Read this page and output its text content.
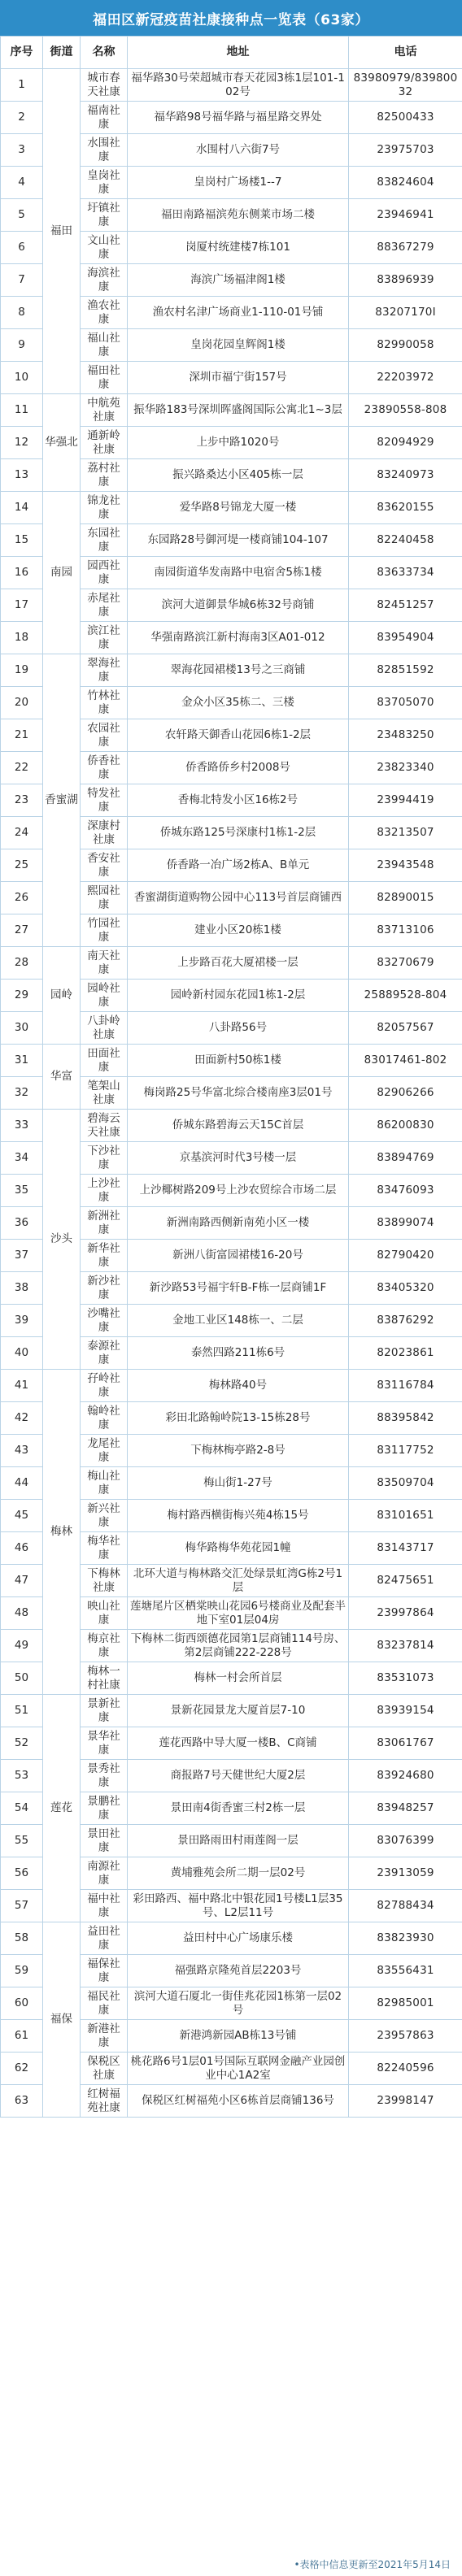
福田区新冠疫苗社康接种点一览表（63家）
序号	街道	名称	地址	电话
1	福田	城市春天社康	福华路30号荣超城市春天花园3栋1层101-102号	83980979/83980032
2		福南社康	福华路98号福华路与福星路交界处	82500433
3		水围社康	水围村八六街7号	23975703
4		皇岗社康	皇岗村广场楼1--7	83824604
5		圩镇社康	福田南路福滨苑东侧莱市场二楼	23946941
6		文山社康	岗厦村统建楼7栋101	88367279
7		海滨社康	海滨广场福津阁1楼	83896939
8		渔农社康	渔农村名津广场商业1-110-01号铺	83207170I
9		福山社康	皇岗花园皇辉阁1楼	82990058
10		福田社康	深圳市福宁街157号	22203972
11	华强北	中航苑社康	振华路183号深圳晖盛阁国际公寓北1~3层	23890558-808
12		通新岭社康	上步中路1020号	82094929
13		荔村社康	振兴路桑达小区405栋一层	83240973
14	南园	锦龙社康	爱华路8号锦龙大厦一楼	83620155
15		东园社康	东园路28号御河堤一楼商铺104-107	82240458
16		园西社康	南园街道华发南路中电宿舍5栋1楼	83633734
17		赤尾社康	滨河大道御景华城6栋32号商铺	82451257
18		滨江社康	华强南路滨江新村海南3区A01-012	83954904
19	香蜜湖	翠海社康	翠海花园裙楼13号之三商铺	82851592
20		竹林社康	金众小区35栋二、三楼	83705070
21		农园社康	农轩路天御香山花园6栋1-2层	23483250
22		侨香社康	侨香路侨乡村2008号	23823340
23		特发社康	香梅北特发小区16栋2号	23994419
24		深康村社康	侨城东路125号深康村1栋1-2层	83213507
25		香安社康	侨香路一冶广场2栋A、B单元	23943548
26		熙园社康	香蜜湖街道购物公园中心113号首层商铺西	82890015
27		竹园社康	建业小区20栋1楼	83713106
28	园岭	南天社康	上步路百花大厦裙楼一层	83270679
29		园岭社康	园岭新村园东花园1栋1-2层	25889528-804
30		八卦岭社康	八卦路56号	82057567
31	华富	田面社康	田面新村50栋1楼	83017461-802
32		笔架山社康	梅岗路25号华富北综合楼南座3层01号	82906266
33	沙头	碧海云天社康	侨城东路碧海云天15C首层	86200830
34		下沙社康	京基滨河时代3号楼一层	83894769
35		上沙社康	上沙椰树路209号上沙农贸综合市场二层	83476093
36		新洲社康	新洲南路西侧新南苑小区一楼	83899074
37		新华社康	新洲八街富园裙楼16-20号	82790420
38		新沙社康	新沙路53号福宇轩B-F栋一层商铺1F	83405320
39		沙嘴社康	金地工业区148栋一、二层	83876292
40		泰源社康	泰然四路211栋6号	82023861
41	梅林	孖岭社康	梅林路40号	83116784
42		翰岭社康	彩田北路翰岭院13-15栋28号	88395842
43		龙尾社康	下梅林梅亭路2-8号	83117752
44		梅山社康	梅山街1-27号	83509704
45		新兴社康	梅村路西横街梅兴苑4栋15号	83101651
46		梅华社康	梅华路梅华苑花园1幢	83143717
47		下梅林社康	北环大道与梅林路交汇处绿景虹湾G栋2号1层	82475651
48		映山社康	莲塘尾片区栖棠映山花园6号楼商业及配套半地下室01层04房	23997864
49		梅京社康	下梅林二街西颂德花园第1层商铺114号房、第2层商铺222-228号	83237814
50		梅林一村社康	梅林一村会所首层	83531073
51	莲花	景新社康	景新花园景龙大厦首层7-10	83939154
52		景华社康	莲花西路中导大厦一楼B、C商铺	83061767
53		景秀社康	商报路7号天健世纪大厦2层	83924680
54		景鹏社康	景田南4街香蜜三村2栋一层	83948257
55		景田社康	景田路雨田村雨莲阁一层	83076399
56		南源社康	黄埔雅苑会所二期一层02号	23913059
57		福中社康	彩田路西、福中路北中银花园1号楼L1层35号、L2层11号	82788434
58	福保	益田社康	益田村中心广场康乐楼	83823930
59		福保社康	福强路京隆苑首层2203号	83556431
60		福民社康	滨河大道石厦北一街佳兆花园1栋第一层02号	82985001
61		新港社康	新港鸿新园AB栋13号铺	23957863
62		保税区社康	桃花路6号1层01号国际互联网金融产业园创业中心1A2室	82240596
63		红树福苑社康	保税区红树福苑小区6栋首层商铺136号	23998147
•表格中信息更新至2021年5月14日
